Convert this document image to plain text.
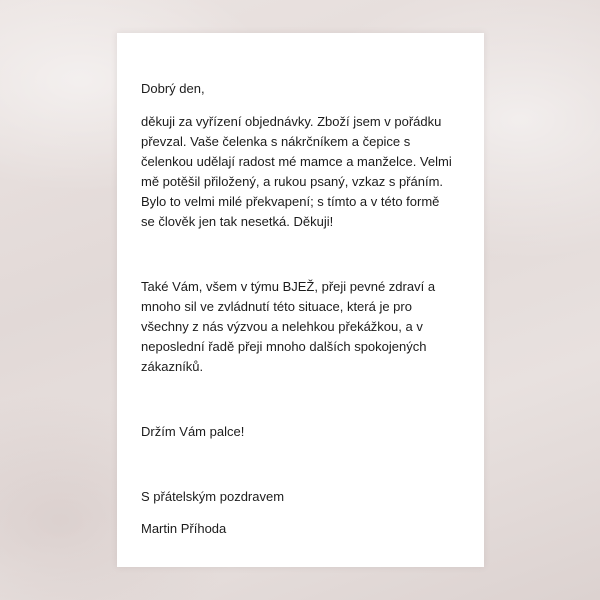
Dobrý den,
děkuji za vyřízení objednávky. Zboží jsem v pořádku
převzal. Vaše čelenka s nákrčníkem a čepice s
čelenkou udělají radost mé mamce a manželce. Velmi
mě potěšil přiložený, a rukou psaný, vzkaz s přáním.
Bylo to velmi milé překvapení; s tímto a v této formě
se člověk jen tak nesetká. Děkuji!
Také Vám, všem v týmu BJEŽ, přeji pevné zdraví a
mnoho sil ve zvládnutí této situace, která je pro
všechny z nás výzvou a nelehkou překážkou, a v
neposlední řadě přeji mnoho dalších spokojených
zákazníků.
Držím Vám palce!
S přátelským pozdravem
Martin Příhoda
